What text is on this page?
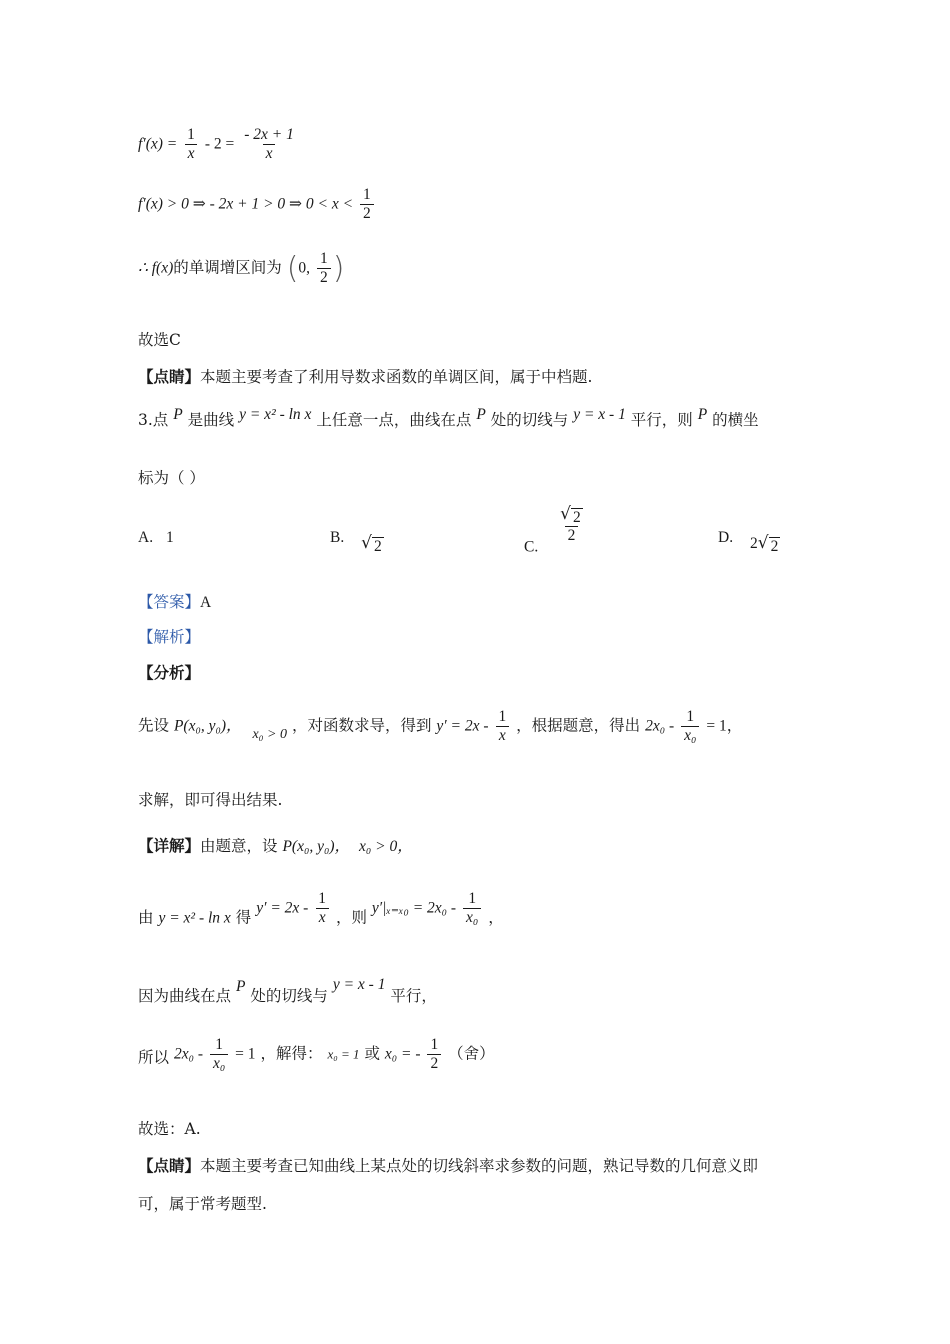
$f'(x) = \frac{1}{x} - 2 = \frac{- 2x + 1}{x}$
f′(x) > 0 ⇒ - 2x + 1 > 0 ⇒ $0 < x < \frac{1}{2}$
∴ f(x)的单调增区间为 (0, $\frac{1}{2}$ )
故选C
【点睛】本题主要考查了利用导数求函数的单调区间，属于中档题.
3.点 P 是曲线 y = x² - ln x 上任意一点，曲线在点 P 处的切线与 y = x - 1 平行，则 P 的横坐
标为（ ）
A. 1	B. √ 2	C.
$\frac{√ 2}{2}$	D. 2 √ 2
【答案】A
【解析】
【分析】
先设 P(x₀, y₀)， x₀ > 0 ，对函数求导，得到 $y' = 2x - \frac{1}{x}$ ，根据题意，得出 $2x_0 - \frac{1}{\text{x₀}} = 1$，
求解，即可得出结果.
【详解】由题意，设 P(x₀, y₀)， x₀ > 0，
由 y = x² - ln x 得 $y' = 2x - \frac{1}{x}$ ，则 $y'|_{x=x0} = 2x_0 - \frac{1}{\text{x₀}}$ ，
因为曲线在点 P 处的切线与 y = x - 1 平行，
所以 $2x_0 - \frac{1}{\text{x₀}} = 1$ ，解得： x₀ = 1 或 x₀ = - $\frac{1}{2}$ （舍）
故选：A.
【点睛】本题主要考查已知曲线上某点处的切线斜率求参数的问题，熟记导数的几何意义即
可，属于常考题型.
